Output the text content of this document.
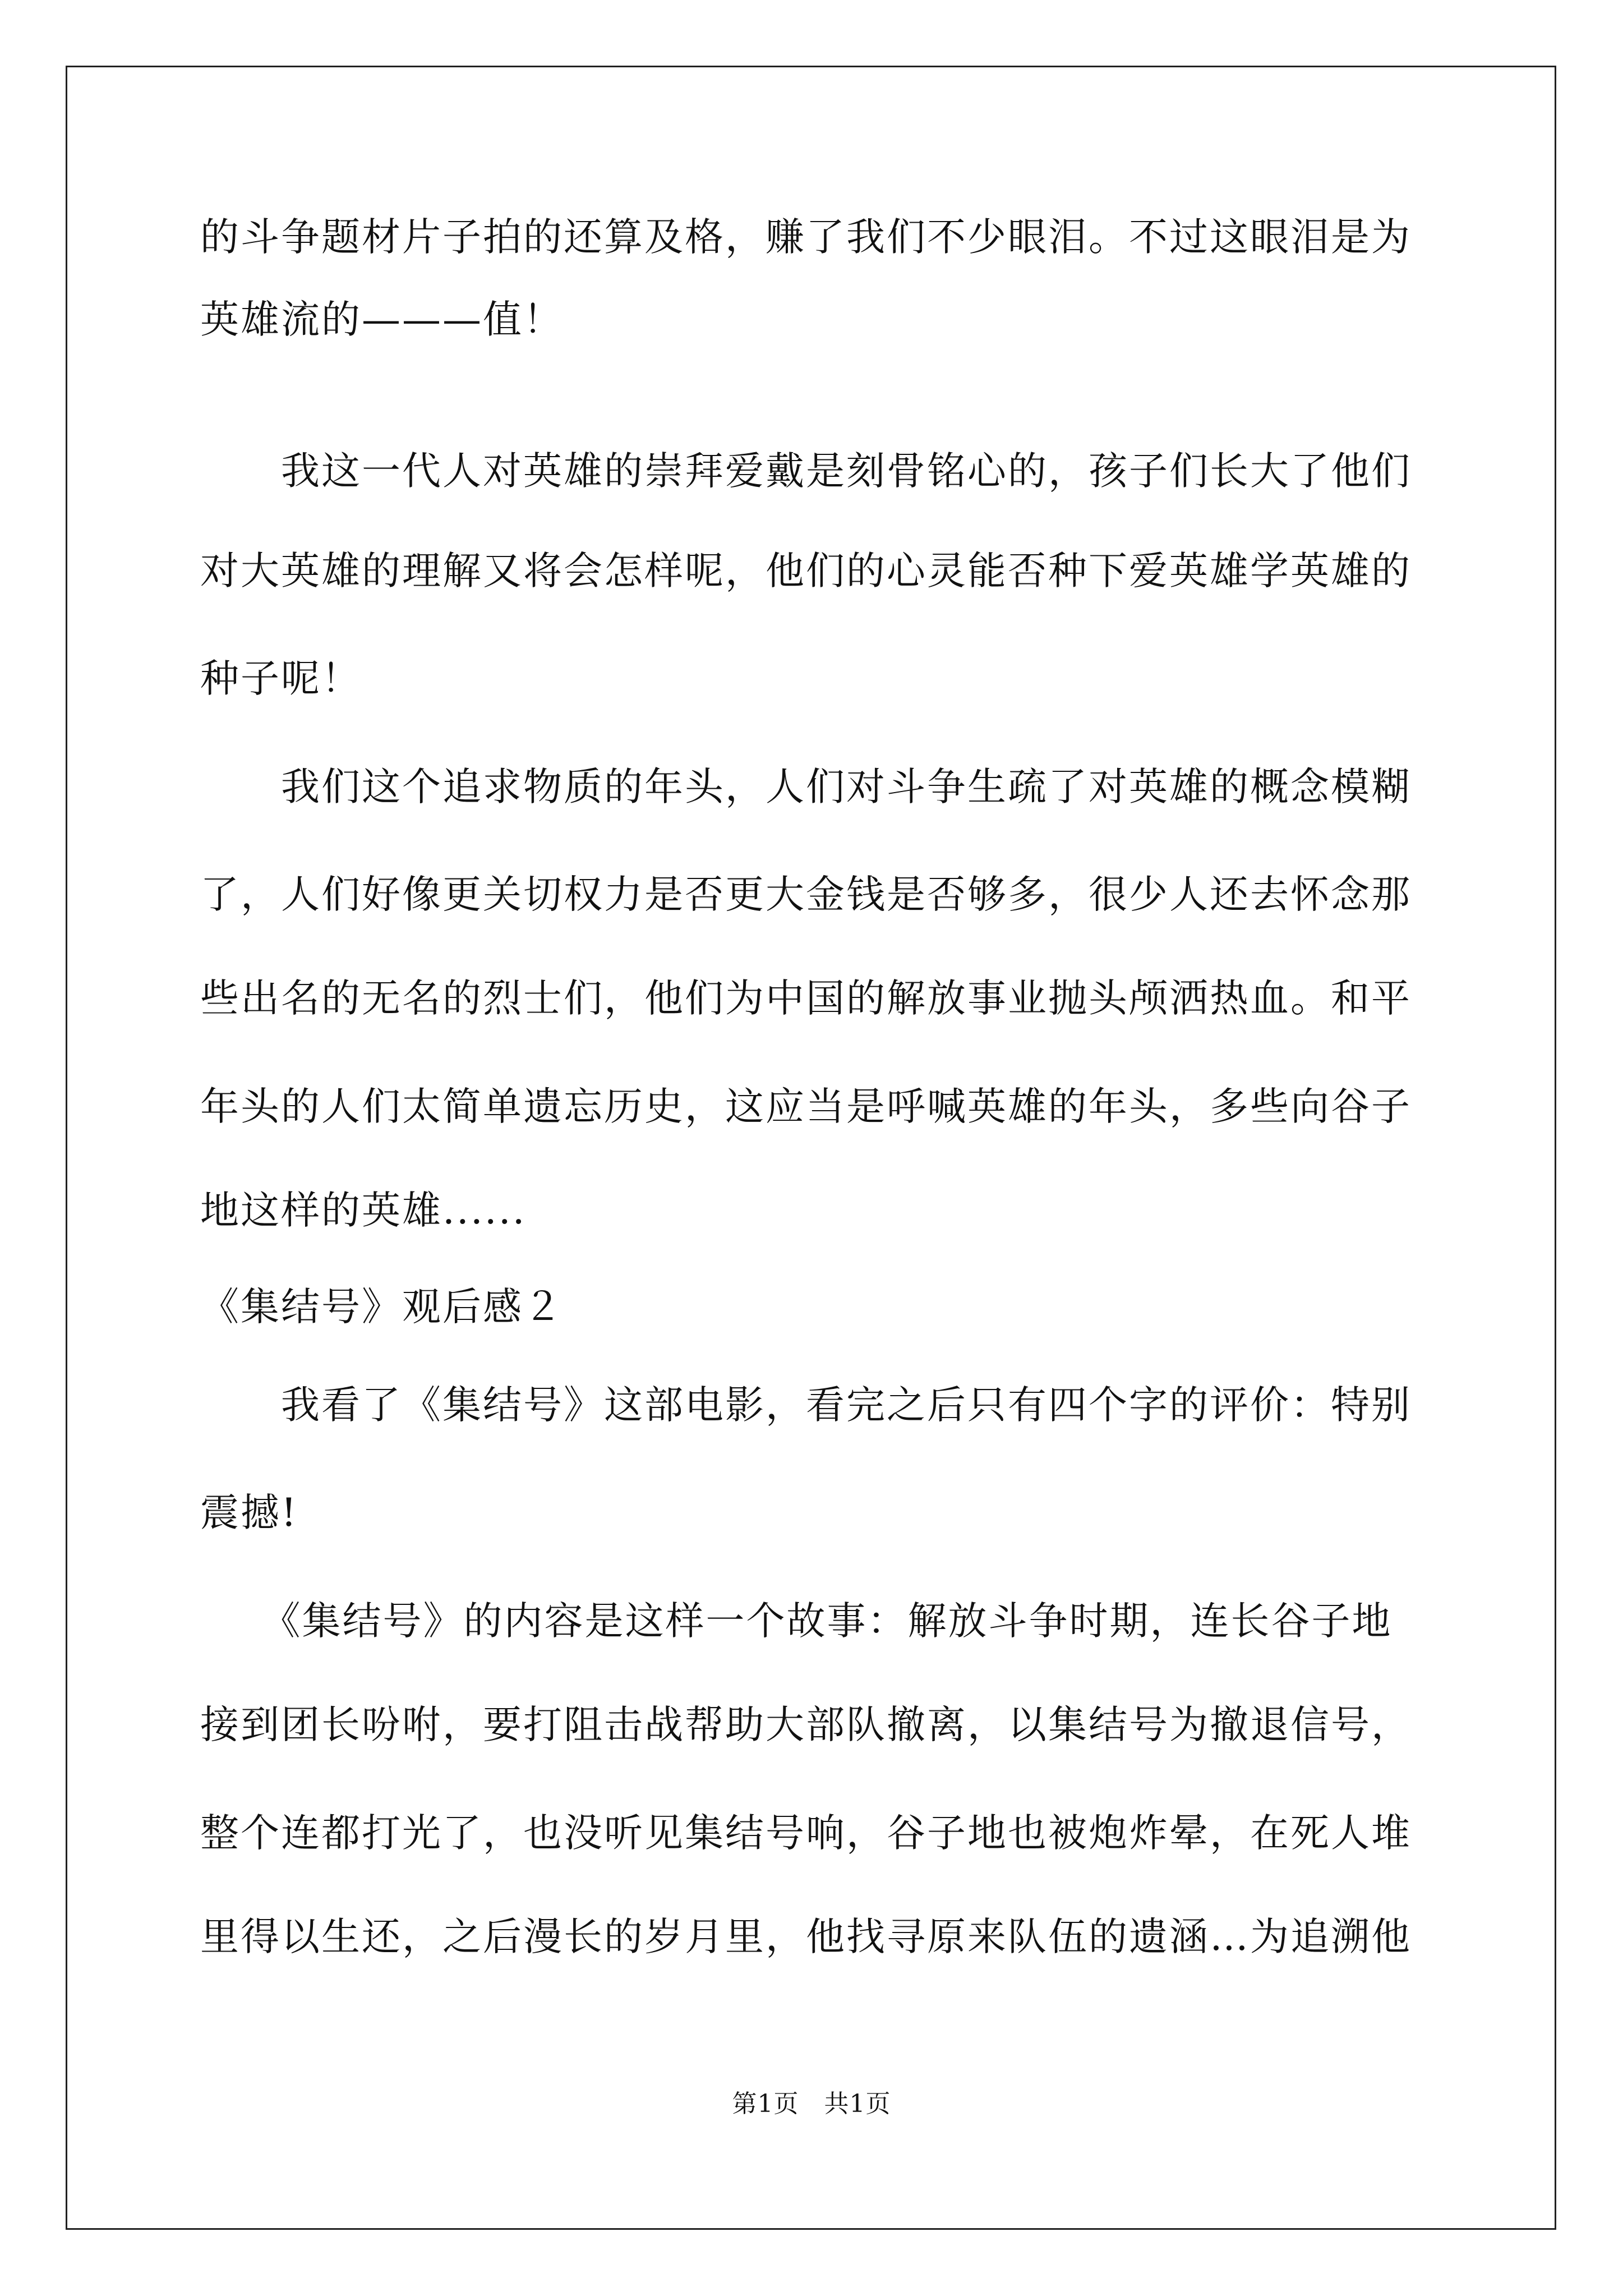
的斗争题材片子拍的还算及格，赚了我们不少眼泪。不过这眼泪是为
英雄流的———值！
　　我这一代人对英雄的崇拜爱戴是刻骨铭心的，孩子们长大了他们
对大英雄的理解又将会怎样呢，他们的心灵能否种下爱英雄学英雄的
种子呢！
　　我们这个追求物质的年头，人们对斗争生疏了对英雄的概念模糊
了，人们好像更关切权力是否更大金钱是否够多，很少人还去怀念那
些出名的无名的烈士们，他们为中国的解放事业抛头颅洒热血。和平
年头的人们太简单遗忘历史，这应当是呼喊英雄的年头，多些向谷子
地这样的英雄......
《集结号》观后感２
　　我看了《集结号》这部电影，看完之后只有四个字的评价：特别
震撼!
　　《集结号》的内容是这样一个故事：解放斗争时期，连长谷子地
接到团长吩咐，要打阻击战帮助大部队撤离，以集结号为撤退信号，
整个连都打光了，也没听见集结号响，谷子地也被炮炸晕，在死人堆
里得以生还，之后漫长的岁月里，他找寻原来队伍的遗涵…为追溯他
第1页　共1页
